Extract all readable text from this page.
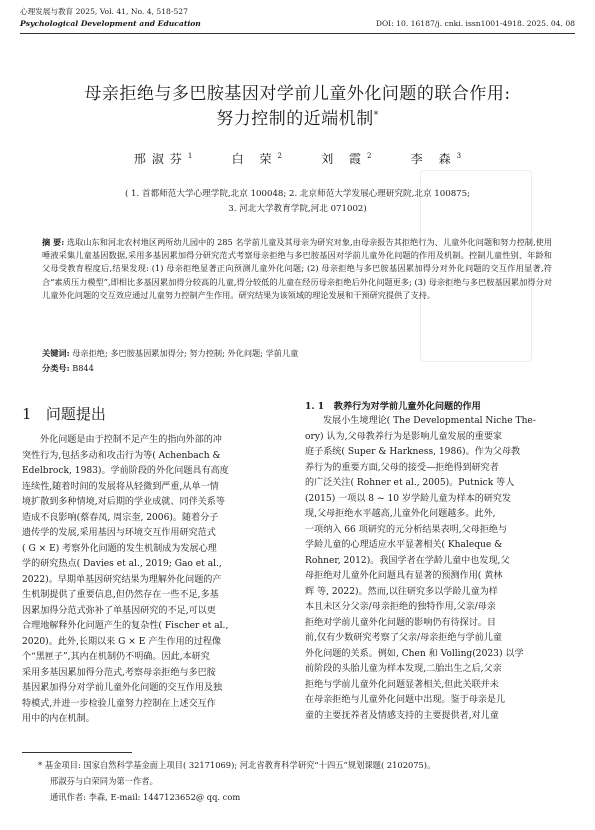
心理发展与教育 2025, Vol. 41, No. 4, 518-527
Psychological Development and Education	DOI: 10. 16187/j. cnki. issn1001-4918. 2025. 04. 08
母亲拒绝与多巴胺基因对学前儿童外化问题的联合作用:
努力控制的近端机制*
邢淑芬$^1$	白 荣$^2$	刘 霞$^2$	李 森$^3$
( 1. 首都师范大学心理学院,北京 100048; 2. 北京师范大学发展心理研究院,北京 100875;
3. 河北大学教育学院,河北 071002)
摘 要: 选取山东和河北农村地区两所幼儿园中的 285 名学前儿童及其母亲为研究对象,由母亲报告其拒绝行为、儿童外化问题和努力控制,使用唾液采集儿童基因数据,采用多基因累加得分研究范式考察母亲拒绝与多巴胺基因对学前儿童外化问题的作用及机制。控制儿童性别、年龄和父母受教育程度后,结果发现: (1) 母亲拒绝显著正向预测儿童外化问题; (2) 母亲拒绝与多巴胺基因累加得分对外化问题的交互作用显著,符合“素质压力模型”,即相比多基因累加得分较高的儿童,得分较低的儿童在经历母亲拒绝后外化问题更多; (3) 母亲拒绝与多巴胺基因累加得分对儿童外化问题的交互效应通过儿童努力控制产生作用。研究结果为该领域的理论发展和干预研究提供了支持。
关键词: 母亲拒绝; 多巴胺基因累加得分; 努力控制; 外化问题; 学前儿童
分类号: B844
1 问题提出
外化问题是由于控制不足产生的指向外部的冲
突性行为,包括多动和攻击行为等( Achenbach &
Edelbrock, 1983)。学前阶段的外化问题具有高度
连续性,随着时间的发展将从轻微到严重,从单一情
境扩散到多种情境,对后期的学业成就、同伴关系等
造成不良影响(蔡春凤, 周宗奎, 2006)。随着分子
遗传学的发展,采用基因与环境交互作用研究范式
( G × E) 考察外化问题的发生机制成为发展心理
学的研究热点( Davies et al., 2019; Gao et al.,
2022)。早期单基因研究结果为理解外化问题的产
生机制提供了重要信息,但仍然存在一些不足,多基
因累加得分范式弥补了单基因研究的不足,可以更
合理地解释外化问题产生的复杂性( Fischer et al.,
2020)。此外,长期以来 G × E 产生作用的过程像
个“黑匣子”,其内在机制仍不明确。因此,本研究
采用多基因累加得分范式,考察母亲拒绝与多巴胺
基因累加得分对学前儿童外化问题的交互作用及独
特模式,并进一步检验儿童努力控制在上述交互作
用中的内在机制。
1. 1 教养行为对学前儿童外化问题的作用
发展小生境理论( The Developmental Niche The-
ory) 认为,父母教养行为是影响儿童发展的重要家
庭子系统( Super & Harkness, 1986)。作为父母教
养行为的重要方面,父母的接受—拒绝得到研究者
的广泛关注( Rohner et al., 2005)。Putnick 等人
(2015) 一项以 8 ~ 10 岁学龄儿童为样本的研究发
现,父母拒绝水平越高,儿童外化问题越多。此外,
一项纳入 66 项研究的元分析结果表明,父母拒绝与
学龄儿童的心理适应水平显著相关( Khaleque &
Rohner, 2012)。我国学者在学龄儿童中也发现,父
母拒绝对儿童外化问题具有显著的预测作用( 黄林
辉 等, 2022)。然而,以往研究多以学龄儿童为样
本且未区分父亲/母亲拒绝的独特作用,父亲/母亲
拒绝对学前儿童外化问题的影响仍有待探讨。目
前,仅有少数研究考察了父亲/母亲拒绝与学前儿童
外化问题的关系。例如, Chen 和 Volling(2023) 以学
前阶段的头胎儿童为样本发现,二胎出生之后,父亲
拒绝与学前儿童外化问题显著相关,但此关联并未
在母亲拒绝与儿童外化问题中出现。鉴于母亲是儿
童的主要抚养者及情感支持的主要提供者,对儿童
* 基金项目: 国家自然科学基金面上项目( 32171069); 河北省教育科学研究“十四五”规划课题( 2102075)。
邢淑芬与白荣同为第一作者。
通讯作者: 李森, E-mail: 1447123652@ qq. com
